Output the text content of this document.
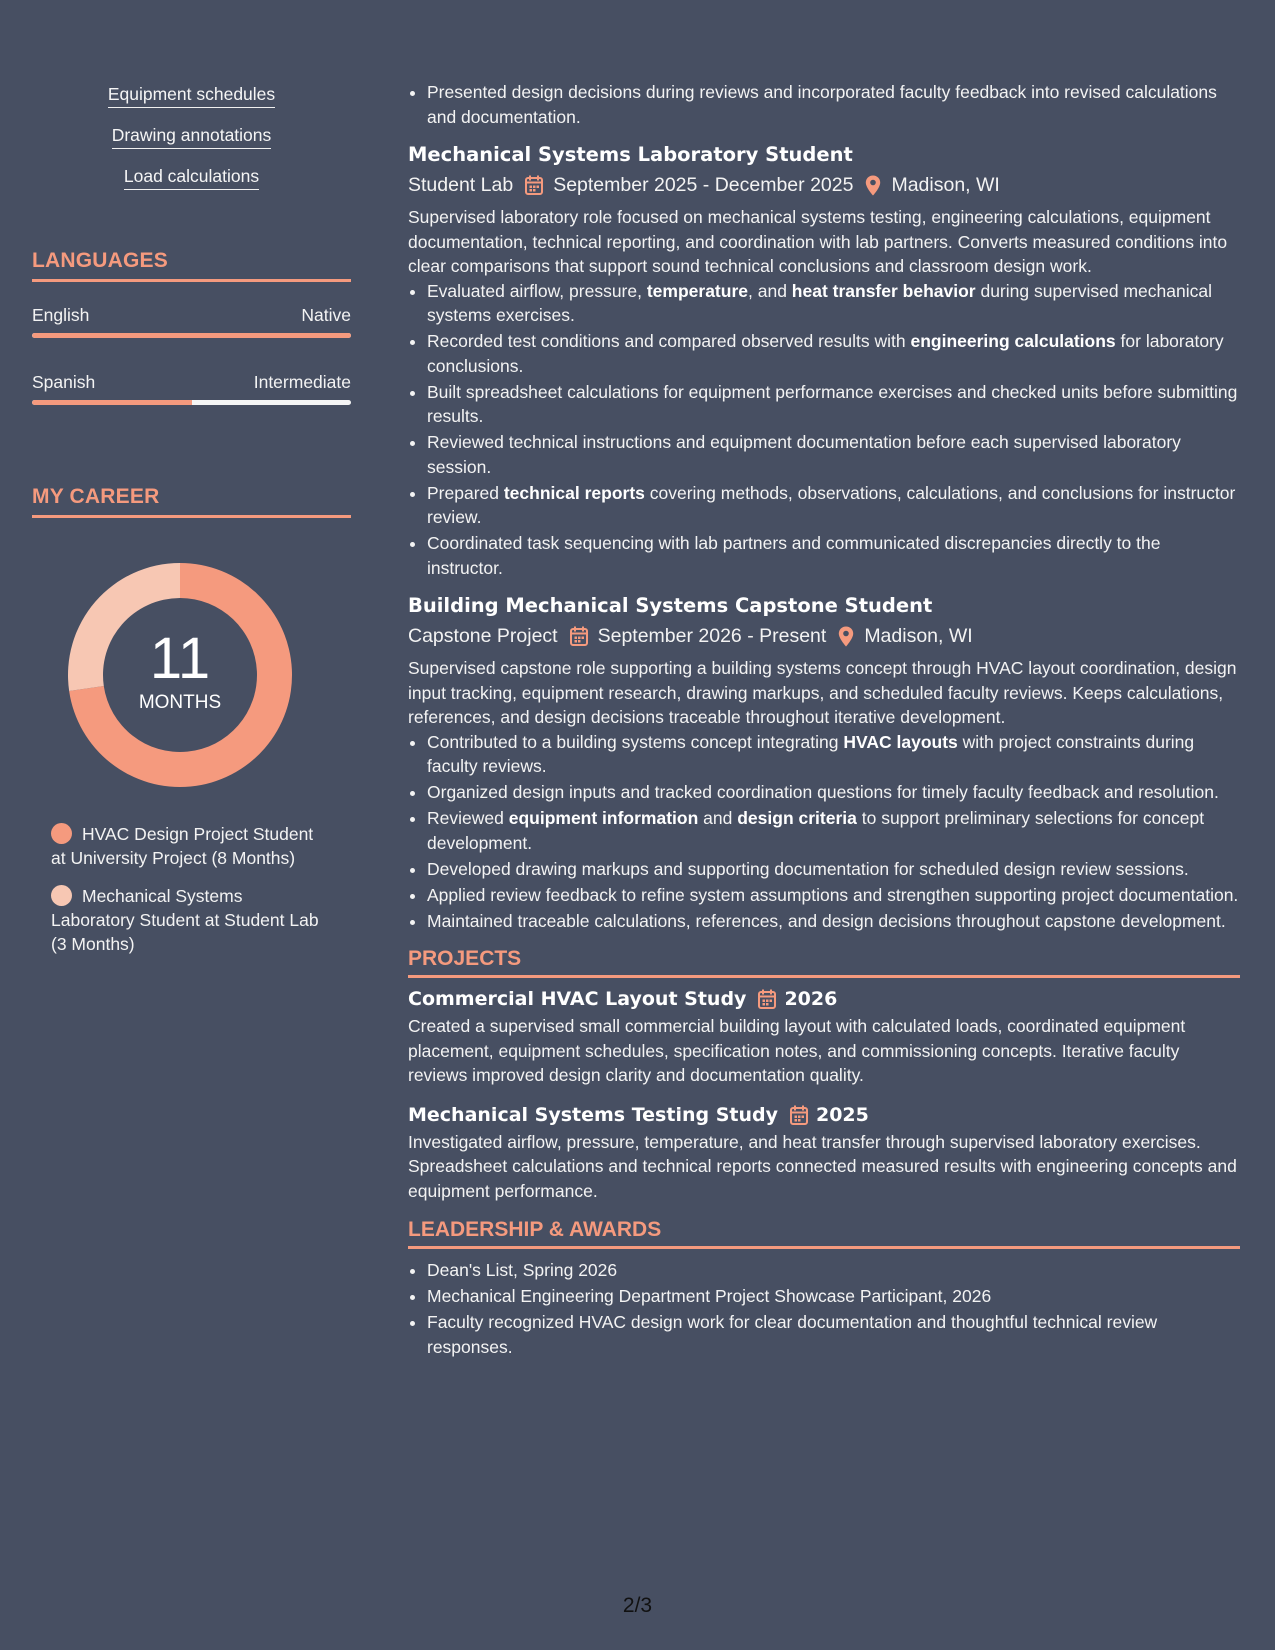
Equipment schedules
Drawing annotations
Load calculations
LANGUAGES
English	Native
Spanish	Intermediate
MY CAREER
11
MONTHS
HVAC Design Project Student at University Project (8 Months)
Mechanical Systems Laboratory Student at Student Lab (3 Months)
• Presented design decisions during reviews and incorporated faculty feedback into revised calculations and documentation.
Mechanical Systems Laboratory Student
Student Lab September 2025 - December 2025 Madison, WI

Supervised laboratory role focused on mechanical systems testing, engineering calculations, equipment documentation, technical reporting, and coordination with lab partners. Converts measured conditions into clear comparisons that support sound technical conclusions and classroom design work.

• Evaluated airflow, pressure, temperature, and heat transfer behavior during supervised mechanical systems exercises.
• Recorded test conditions and compared observed results with engineering calculations for laboratory conclusions.
• Built spreadsheet calculations for equipment performance exercises and checked units before submitting results.
• Reviewed technical instructions and equipment documentation before each supervised laboratory session.
• Prepared technical reports covering methods, observations, calculations, and conclusions for instructor review.
• Coordinated task sequencing with lab partners and communicated discrepancies directly to the instructor.
Building Mechanical Systems Capstone Student
Capstone Project September 2026 - Present Madison, WI

Supervised capstone role supporting a building systems concept through HVAC layout coordination, design input tracking, equipment research, drawing markups, and scheduled faculty reviews. Keeps calculations, references, and design decisions traceable throughout iterative development.

• Contributed to a building systems concept integrating HVAC layouts with project constraints during faculty reviews.
• Organized design inputs and tracked coordination questions for timely faculty feedback and resolution.
• Reviewed equipment information and design criteria to support preliminary selections for concept development.
• Developed drawing markups and supporting documentation for scheduled design review sessions.
• Applied review feedback to refine system assumptions and strengthen supporting project documentation.
• Maintained traceable calculations, references, and design decisions throughout capstone development.
PROJECTS
Commercial HVAC Layout Study 2026

Created a supervised small commercial building layout with calculated loads, coordinated equipment placement, equipment schedules, specification notes, and commissioning concepts. Iterative faculty reviews improved design clarity and documentation quality.

Mechanical Systems Testing Study 2025

Investigated airflow, pressure, temperature, and heat transfer through supervised laboratory exercises. Spreadsheet calculations and technical reports connected measured results with engineering concepts and equipment performance.

LEADERSHIP & AWARDS
• Dean's List, Spring 2026
• Mechanical Engineering Department Project Showcase Participant, 2026
• Faculty recognized HVAC design work for clear documentation and thoughtful technical review responses.
2/3
